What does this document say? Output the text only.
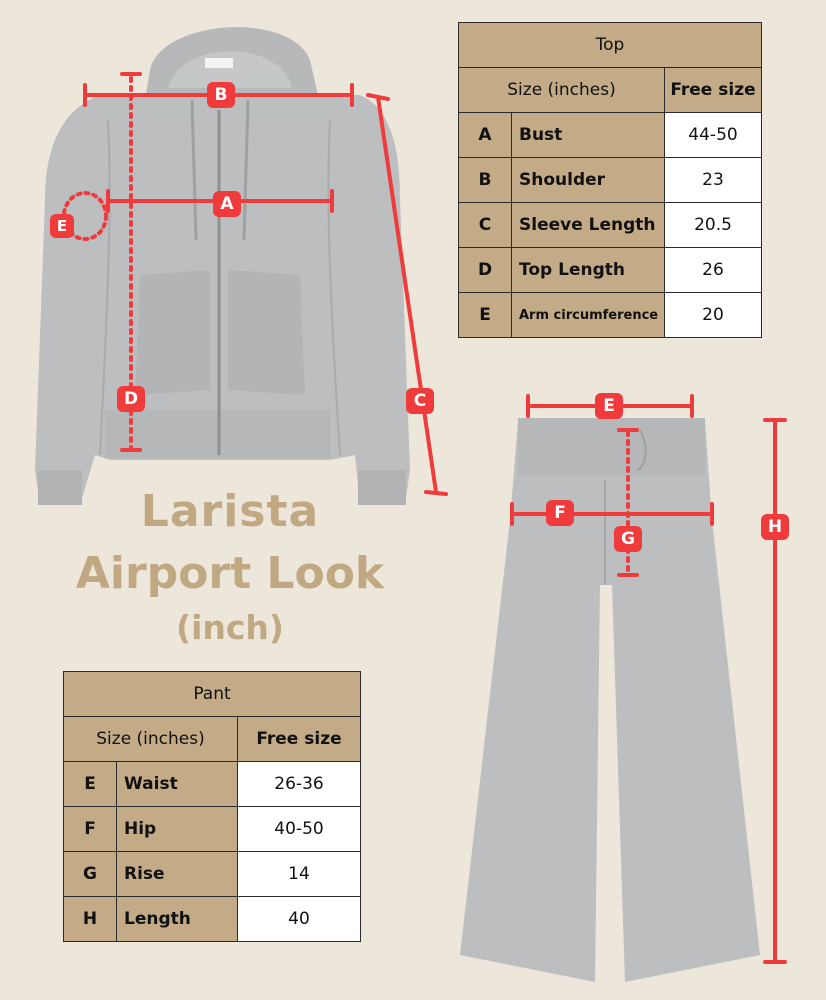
B
A
E
D	C	E
F
G
H
Larista
Airport Look
(inch)
Top		
Size (inches)		Free size
A	Bust	44-50
B	Shoulder	23
C	Sleeve Length	20.5
D	Top Length	26
E	Arm circumference	20
Pant		
Size (inches)		Free size
E	Waist	26-36
F	Hip	40-50
G	Rise	14
H	Length	40
